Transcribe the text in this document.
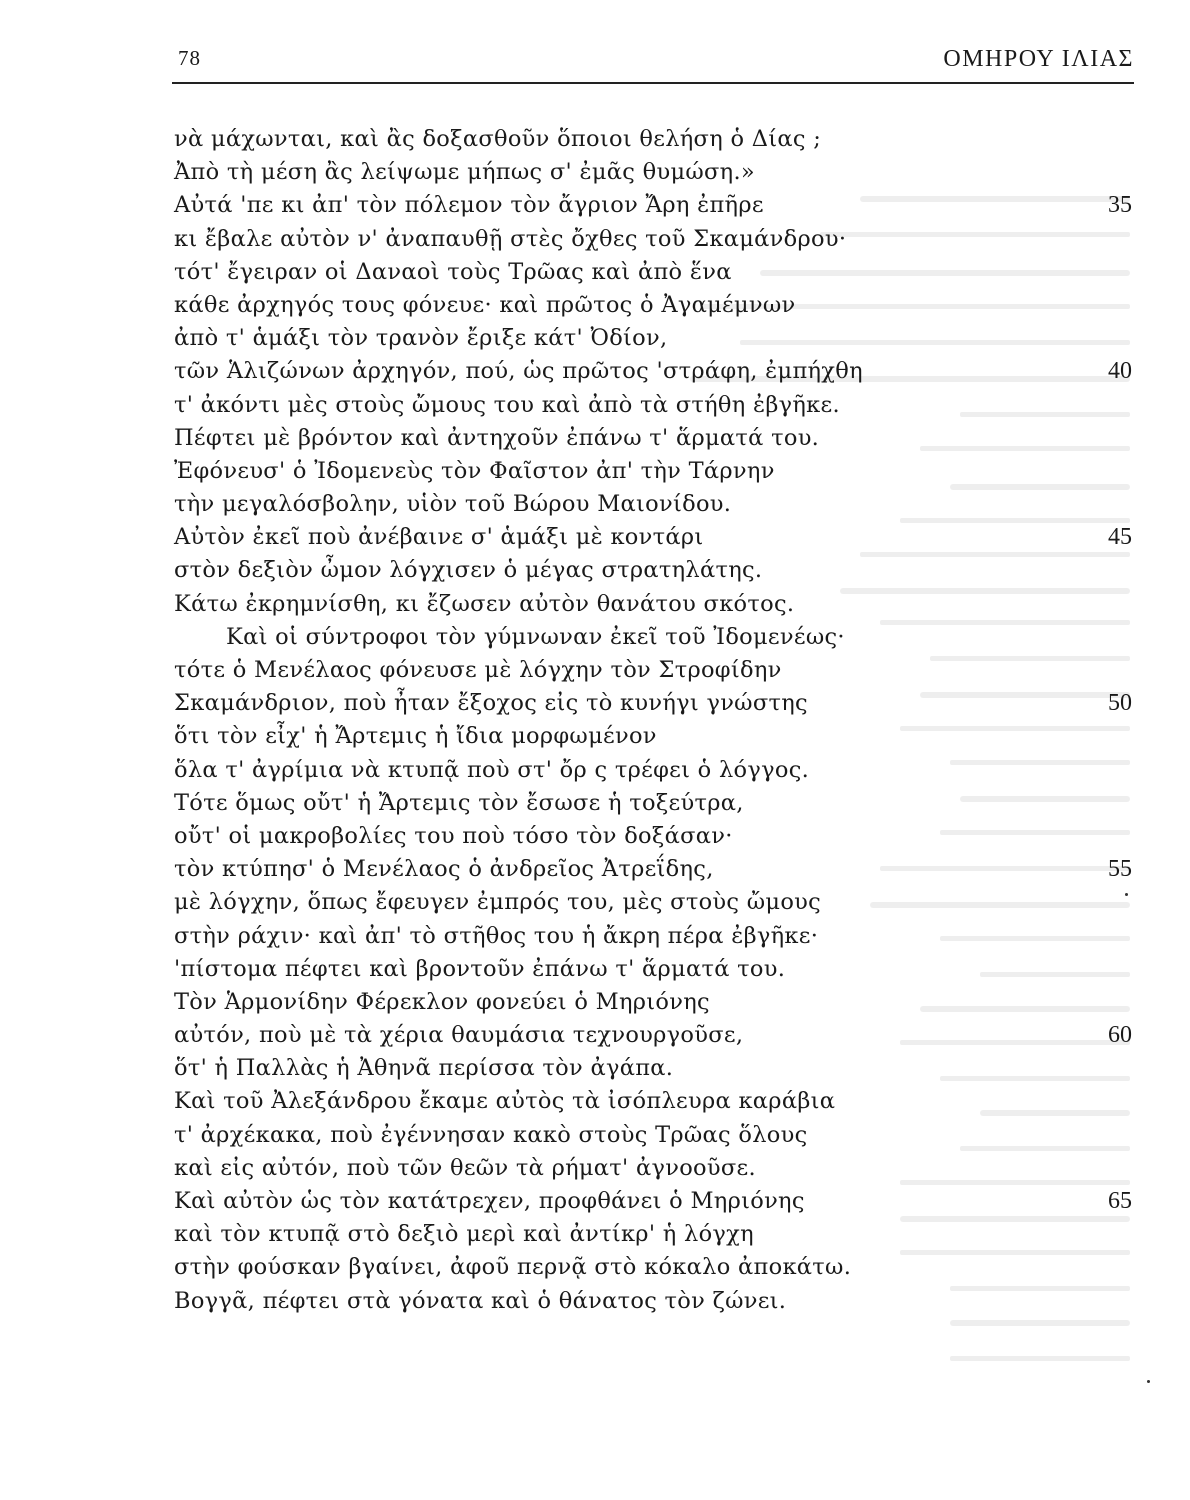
78	ΟΜΗΡΟΥ ΙΛΙΑΣ
νὰ μάχωνται, καὶ ἂς δοξασθοῦν ὅποιοι θελήση ὁ Δίας ;
Ἀπὸ τὴ μέση ἂς λείψωμε μήπως σ' ἐμᾶς θυμώση.»
Αὐτά 'πε κι ἀπ' τὸν πόλεμον τὸν ἄγριον Ἄρη ἐπῆρε	35
κι ἔβαλε αὐτὸν ν' ἀναπαυθῇ στὲς ὄχθες τοῦ Σκαμάνδρου·
τότ' ἔγειραν οἱ Δαναοὶ τοὺς Τρῶας καὶ ἀπὸ ἕνα
κάθε ἀρχηγός τους φόνευε· καὶ πρῶτος ὁ Ἀγαμέμνων
ἀπὸ τ' ἁμάξι τὸν τρανὸν ἔριξε κάτ' Ὀδίον,
τῶν Ἁλιζώνων ἀρχηγόν, πού, ὡς πρῶτος 'στράφη, ἐμπήχθη	40
τ' ἀκόντι μὲς στοὺς ὤμους του καὶ ἀπὸ τὰ στήθη ἐβγῆκε.
Πέφτει μὲ βρόντον καὶ ἀντηχοῦν ἐπάνω τ' ἅρματά του.
Ἐφόνευσ' ὁ Ἰδομενεὺς τὸν Φαῖστον ἀπ' τὴν Τάρνην
τὴν μεγαλόσβολην, υἱὸν τοῦ Βώρου Μαιονίδου.
Αὐτὸν ἐκεῖ ποὺ ἀνέβαινε σ' ἁμάξι μὲ κοντάρι	45
στὸν δεξιὸν ὦμον λόγχισεν ὁ μέγας στρατηλάτης.
Κάτω ἐκρημνίσθη, κι ἔζωσεν αὐτὸν θανάτου σκότος.
Καὶ οἱ σύντροφοι τὸν γύμνωναν ἐκεῖ τοῦ Ἰδομενέως·
τότε ὁ Μενέλαος φόνευσε μὲ λόγχην τὸν Στροφίδην
Σκαμάνδριον, ποὺ ἦταν ἔξοχος εἰς τὸ κυνήγι γνώστης	50
ὅτι τὸν εἶχ' ἡ Ἄρτεμις ἡ ἴδια μορφωμένον
ὅλα τ' ἀγρίμια νὰ κτυπᾷ ποὺ στ' ὄρ ς τρέφει ὁ λόγγος.
Τότε ὅμως οὔτ' ἡ Ἄρτεμις τὸν ἔσωσε ἡ τοξεύτρα,
οὔτ' οἱ μακροβολίες του ποὺ τόσο τὸν δοξάσαν·
τὸν κτύπησ' ὁ Μενέλαος ὁ ἀνδρεῖος Ἀτρεΐδης,	55
μὲ λόγχην, ὅπως ἔφευγεν ἐμπρός του, μὲς στοὺς ὤμους
στὴν ράχιν· καὶ ἀπ' τὸ στῆθος του ἡ ἄκρη πέρα ἐβγῆκε·
'πίστομα πέφτει καὶ βροντοῦν ἐπάνω τ' ἅρματά του.
Τὸν Ἁρμονίδην Φέρεκλον φονεύει ὁ Μηριόνης
αὐτόν, ποὺ μὲ τὰ χέρια θαυμάσια τεχνουργοῦσε,	60
ὅτ' ἡ Παλλὰς ἡ Ἀθηνᾶ περίσσα τὸν ἀγάπα.
Καὶ τοῦ Ἀλεξάνδρου ἔκαμε αὐτὸς τὰ ἰσόπλευρα καράβια
τ' ἀρχέκακα, ποὺ ἐγέννησαν κακὸ στοὺς Τρῶας ὅλους
καὶ εἰς αὐτόν, ποὺ τῶν θεῶν τὰ ρήματ' ἀγνοοῦσε.
Καὶ αὐτὸν ὡς τὸν κατάτρεχεν, προφθάνει ὁ Μηριόνης	65
καὶ τὸν κτυπᾷ στὸ δεξιὸ μερὶ καὶ ἀντίκρ' ἡ λόγχη
στὴν φούσκαν βγαίνει, ἀφοῦ περνᾷ στὸ κόκαλο ἀποκάτω.
Βογγᾶ, πέφτει στὰ γόνατα καὶ ὁ θάνατος τὸν ζώνει.
